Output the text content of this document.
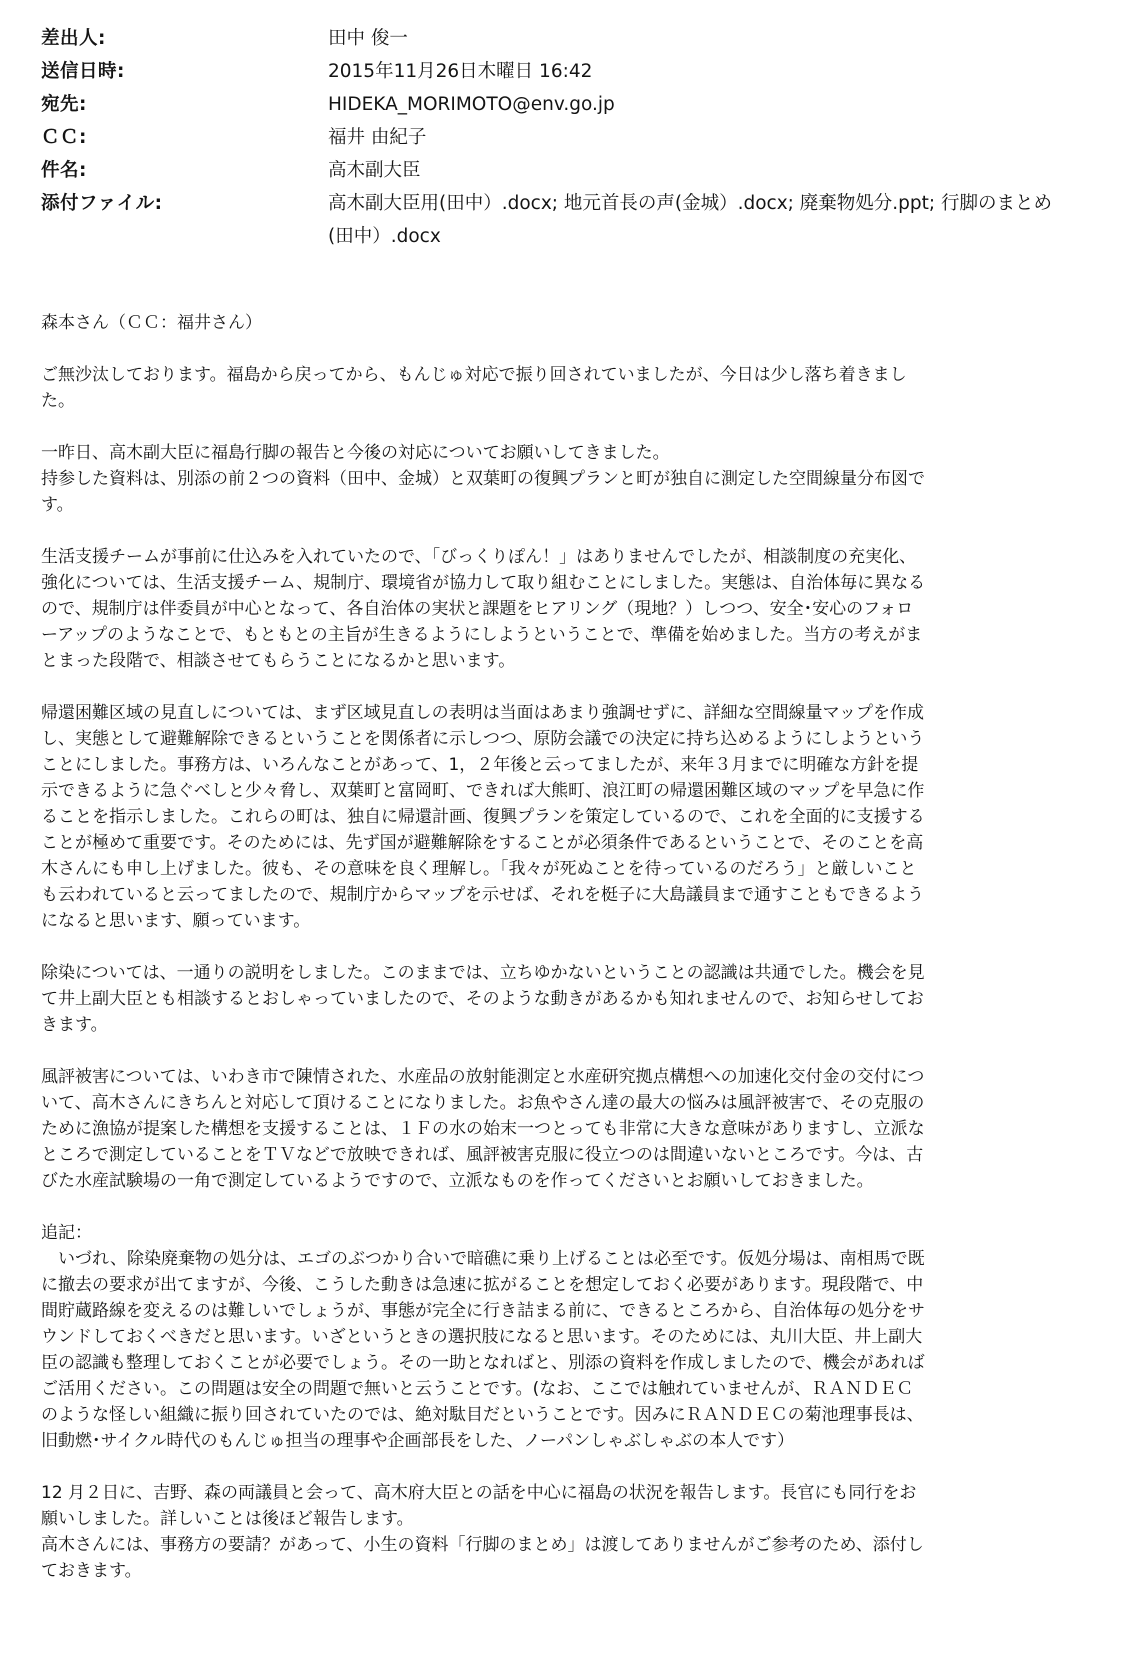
差出人:	田中 俊一
送信日時:	2015年11月26日木曜日 16:42
宛先:	HIDEKA_MORIMOTO@env.go.jp
ＣＣ:	福井 由紀子
件名:	高木副大臣
添付ファイル:	高木副大臣用(田中）.docx; 地元首長の声(金城）.docx; 廃棄物処分.ppt; 行脚のまとめ
(田中）.docx

森本さん（ＣＣ：福井さん）

ご無沙汰しております。福島から戻ってから、もんじゅ対応で振り回されていましたが、今日は少し落ち着きまし

た。

一昨日、高木副大臣に福島行脚の報告と今後の対応についてお願いしてきました。

持参した資料は、別添の前２つの資料（田中、金城）と双葉町の復興プランと町が独自に測定した空間線量分布図で

す。

生活支援チームが事前に仕込みを入れていたので、「びっくりぽん！」はありませんでしたが、相談制度の充実化、

強化については、生活支援チーム、規制庁、環境省が協力して取り組むことにしました。実態は、自治体毎に異なる

ので、規制庁は伴委員が中心となって、各自治体の実状と課題をヒアリング（現地？）しつつ、安全･安心のフォロ

ーアップのようなことで、もともとの主旨が生きるようにしようということで、準備を始めました。当方の考えがま

とまった段階で、相談させてもらうことになるかと思います。

帰還困難区域の見直しについては、まず区域見直しの表明は当面はあまり強調せずに、詳細な空間線量マップを作成

し、実態として避難解除できるということを関係者に示しつつ、原防会議での決定に持ち込めるようにしようという

ことにしました。事務方は、いろんなことがあって、1，２年後と云ってましたが、来年３月までに明確な方針を提

示できるように急ぐべしと少々脅し、双葉町と富岡町、できれば大熊町、浪江町の帰還困難区域のマップを早急に作

ることを指示しました。これらの町は、独自に帰還計画、復興プランを策定しているので、これを全面的に支援する

ことが極めて重要です。そのためには、先ず国が避難解除をすることが必須条件であるということで、そのことを高

木さんにも申し上げました。彼も、その意味を良く理解し。「我々が死ぬことを待っているのだろう」と厳しいこと

も云われていると云ってましたので、規制庁からマップを示せば、それを梃子に大島議員まで通すこともできるよう

になると思います、願っています。

除染については、一通りの説明をしました。このままでは、立ちゆかないということの認識は共通でした。機会を見

て井上副大臣とも相談するとおしゃっていましたので、そのような動きがあるかも知れませんので、お知らせしてお

きます。

風評被害については、いわき市で陳情された、水産品の放射能測定と水産研究拠点構想への加速化交付金の交付につ

いて、高木さんにきちんと対応して頂けることになりました。お魚やさん達の最大の悩みは風評被害で、その克服の

ために漁協が提案した構想を支援することは、１Ｆの水の始末一つとっても非常に大きな意味がありますし、立派な

ところで測定していることをＴＶなどで放映できれば、風評被害克服に役立つのは間違いないところです。今は、古

びた水産試験場の一角で測定しているようですので、立派なものを作ってくださいとお願いしておきました。

追記：

　いづれ、除染廃棄物の処分は、エゴのぶつかり合いで暗礁に乗り上げることは必至です。仮処分場は、南相馬で既

に撤去の要求が出てますが、今後、こうした動きは急速に拡がることを想定しておく必要があります。現段階で、中

間貯蔵路線を変えるのは難しいでしょうが、事態が完全に行き詰まる前に、できるところから、自治体毎の処分をサ

ウンドしておくべきだと思います。いざというときの選択肢になると思います。そのためには、丸川大臣、井上副大

臣の認識も整理しておくことが必要でしょう。その一助となればと、別添の資料を作成しましたので、機会があれば

ご活用ください。この問題は安全の問題で無いと云うことです。(なお、ここでは触れていませんが、ＲＡＮＤＥＣ

のような怪しい組織に振り回されていたのでは、絶対駄目だということです。因みにＲＡＮＤＥＣの菊池理事長は、

旧動燃･サイクル時代のもんじゅ担当の理事や企画部長をした、ノーパンしゃぶしゃぶの本人です）

12 月２日に、吉野、森の両議員と会って、高木府大臣との話を中心に福島の状況を報告します。長官にも同行をお

願いしました。詳しいことは後ほど報告します。

高木さんには、事務方の要請？があって、小生の資料「行脚のまとめ」は渡してありませんがご参考のため、添付し

ておきます。
